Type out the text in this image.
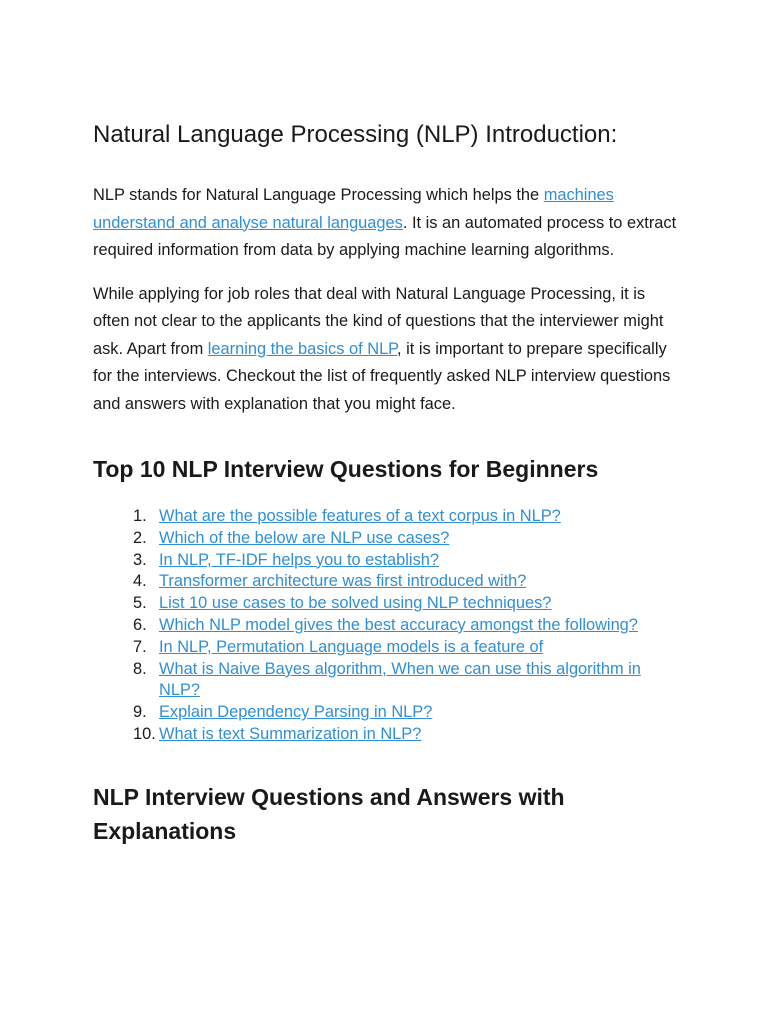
Natural Language Processing (NLP) Introduction:

NLP stands for Natural Language Processing which helps the machines understand and analyse natural languages. It is an automated process to extract required information from data by applying machine learning algorithms.

While applying for job roles that deal with Natural Language Processing, it is often not clear to the applicants the kind of questions that the interviewer might ask. Apart from learning the basics of NLP, it is important to prepare specifically for the interviews. Checkout the list of frequently asked NLP interview questions and answers with explanation that you might face.

Top 10 NLP Interview Questions for Beginners
1. What are the possible features of a text corpus in NLP?
2. Which of the below are NLP use cases?
3. In NLP, TF-IDF helps you to establish?
4. Transformer architecture was first introduced with?
5. List 10 use cases to be solved using NLP techniques?
6. Which NLP model gives the best accuracy amongst the following?
7. In NLP, Permutation Language models is a feature of
8. What is Naive Bayes algorithm, When we can use this algorithm in NLP?
9. Explain Dependency Parsing in NLP?
10. What is text Summarization in NLP?
NLP Interview Questions and Answers with Explanations
